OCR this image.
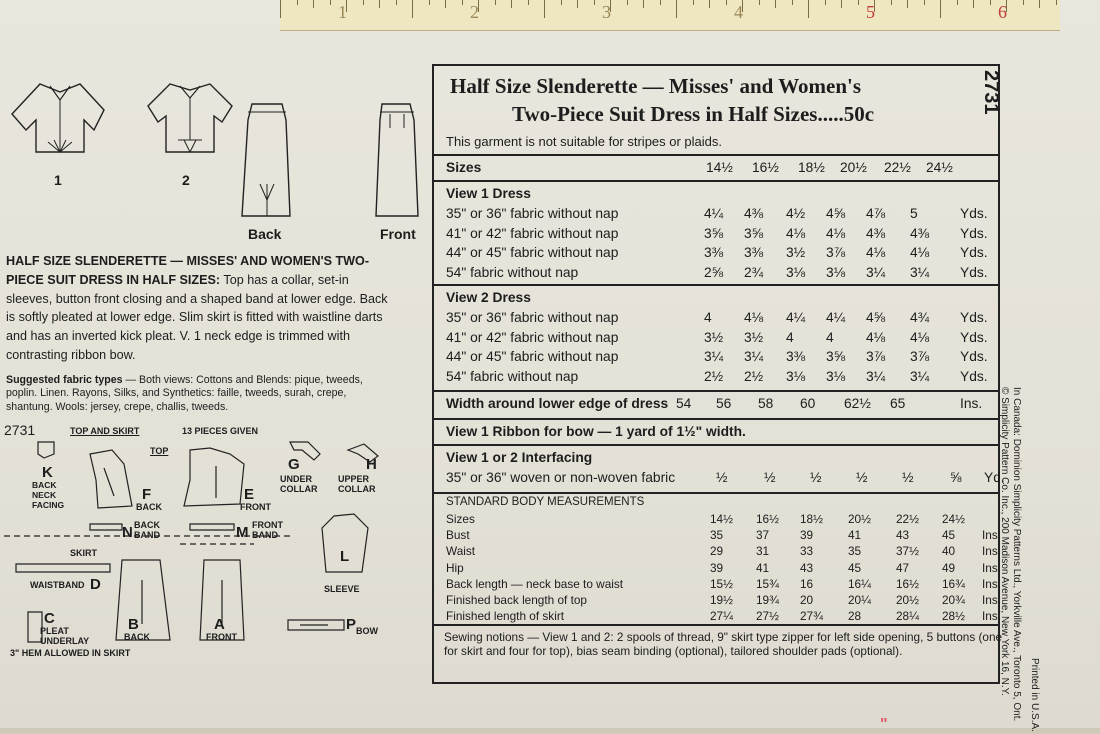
1	2	3	4	5	6
1	2
Back	Front

HALF SIZE SLENDERETTE — MISSES' AND WOMEN'S TWO-PIECE SUIT DRESS IN HALF SIZES: Top has a collar, set-in sleeves, button front closing and a shaped band at lower edge. Back is softly pleated at lower edge. Slim skirt is fitted with waistline darts and has an inverted kick pleat. V. 1 neck edge is trimmed with contrasting ribbon bow.

Suggested fabric types — Both views: Cottons and Blends: pique, tweeds, poplin. Linen. Rayons, Silks, and Synthetics: faille, tweeds, surah, crepe, shantung. Wools: jersey, crepe, challis, tweeds.
2731	TOP AND SKIRT	13 PIECES GIVEN
TOP
K
BACK NECK FACING
F
BACK
E
FRONT
G
UNDER COLLAR
H
UPPER COLLAR
N BACK BAND	M FRONT BAND
L
SLEEVE
SKIRT
WAISTBAND D
C
PLEAT UNDERLAY
B
BACK
A
FRONT
P BOW
3" HEM ALLOWED IN SKIRT
2731
Half Size Slenderette — Misses' and Women's
Two-Piece Suit Dress in Half Sizes.....50c
This garment is not suitable for stripes or plaids.
Sizes	14½ 16½ 18½ 20½ 22½ 24½
View 1 Dress
35" or 36" fabric without nap	4¼ 4⅜ 4½ 4⅝ 4⅞ 5	Yds.
41" or 42" fabric without nap	3⅝ 3⅝ 4⅛ 4⅛ 4⅜ 4⅜ Yds.
44" or 45" fabric without nap	3⅜ 3⅜ 3½ 3⅞ 4⅛ 4⅛ Yds.
54" fabric without nap	2⅝ 2¾ 3⅛ 3⅛ 3¼ 3¼ Yds.
View 2 Dress
35" or 36" fabric without nap	4 4⅛ 4¼ 4¼ 4⅝ 4¾ Yds.
41" or 42" fabric without nap	3½ 3½ 4 4 4⅛ 4⅛ Yds.
44" or 45" fabric without nap	3¼ 3¼ 3⅜ 3⅝ 3⅞ 3⅞ Yds.
54" fabric without nap	2½ 2½ 3⅛ 3⅛ 3¼ 3¼ Yds.
Width around lower edge of dress 54 56 58 60 62½ 65	Ins.
View 1 Ribbon for bow — 1 yard of 1½" width.
View 1 or 2 Interfacing
35" or 36" woven or non-woven fabric	½	½ ½ ½ ½	⅝ Yd.
STANDARD BODY MEASUREMENTS
Sizes	14½ 16½ 18½ 20½ 22½ 24½
Bust	35	37	39	41	43	45 Ins.
Waist	29	31	33	35	37½ 40 Ins.
Hip	39	41	43	45	47	49 Ins.
Back length — neck base to waist	15½ 15¾ 16	16¼ 16½ 16¾ Ins.
Finished back length of top	19½ 19¾ 20	20¼ 20½ 20¾ Ins.
Finished length of skirt	27¼ 27½ 27¾ 28	28¼ 28½ Ins.
Sewing notions — View 1 and 2: 2 spools of thread, 9" skirt type zipper for left side opening, 5 buttons (one for skirt and four for top), bias seam binding (optional), tailored shoulder pads (optional).	© Simplicity Pattern Co. Inc., 200 Madison Avenue, New York 16, N.Y. In Canada: Dominion Simplicity Patterns Ltd., Yorkville Ave., Toronto 5, Ont. Printed in U.S.A.
"
